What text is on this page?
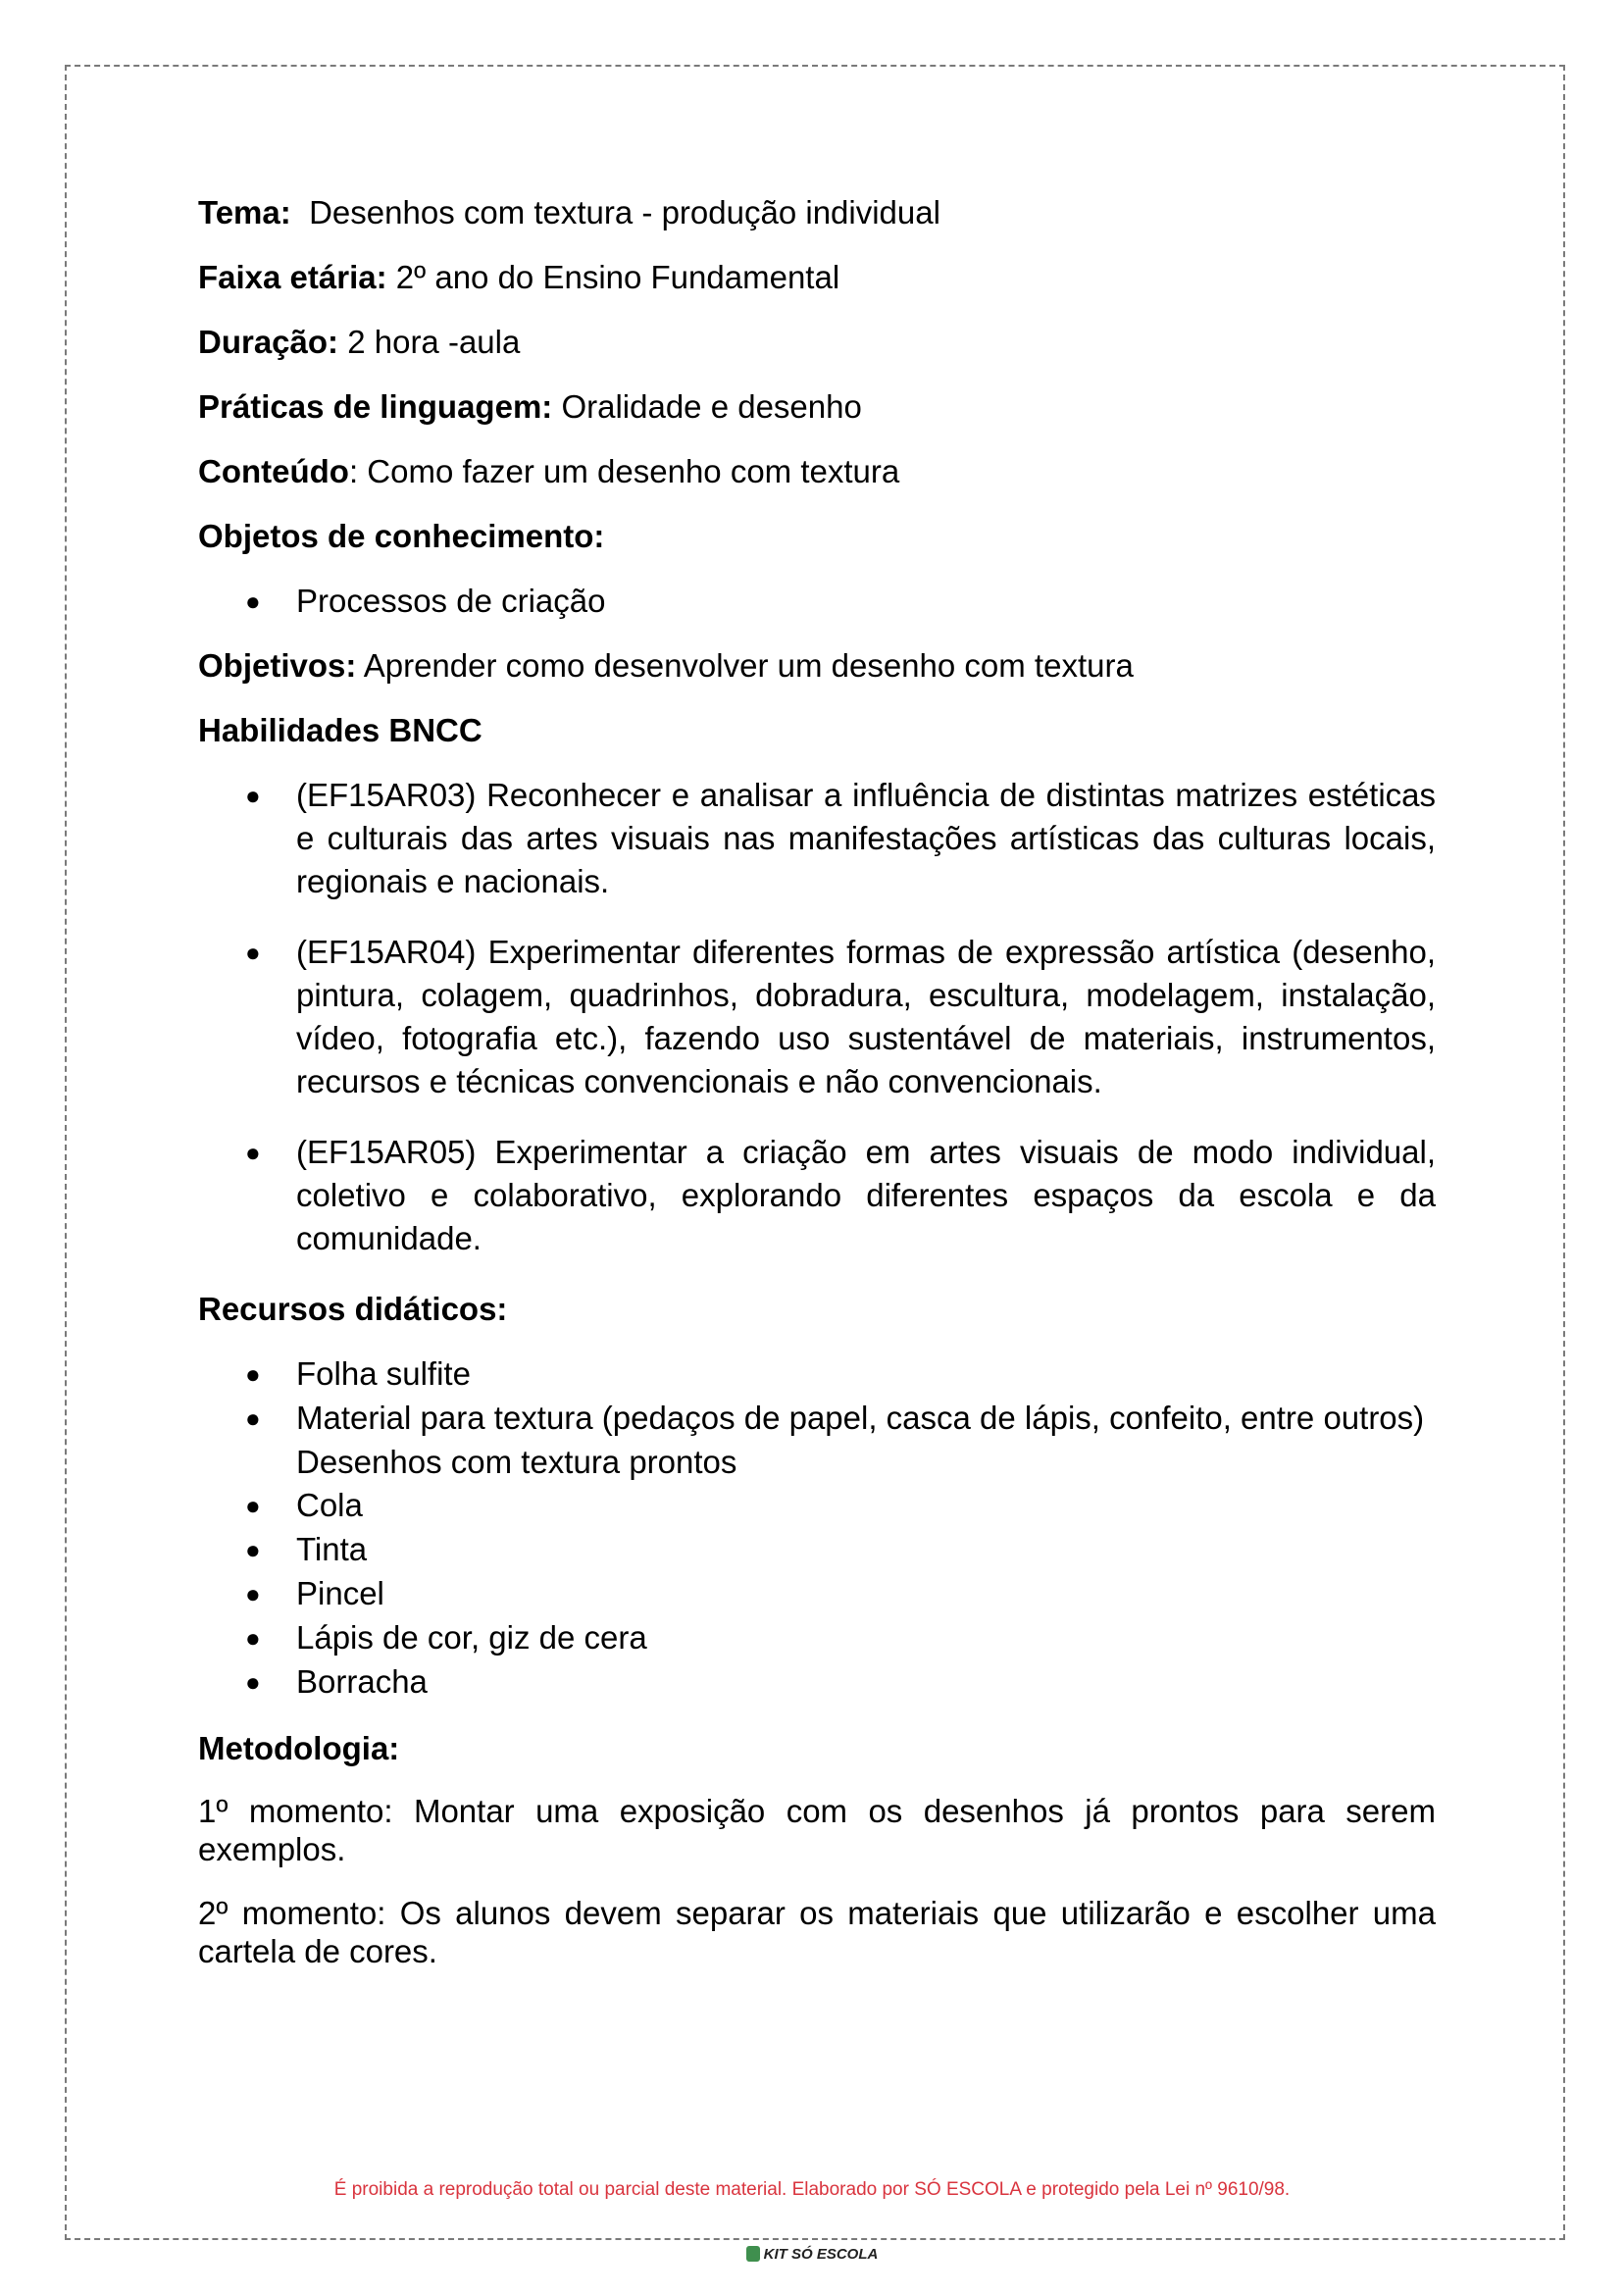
Tema: Desenhos com textura - produção individual

Faixa etária: 2º ano do Ensino Fundamental

Duração: 2 hora -aula

Práticas de linguagem: Oralidade e desenho

Conteúdo: Como fazer um desenho com textura

Objetos de conhecimento:

● Processos de criação

Objetivos: Aprender como desenvolver um desenho com textura

Habilidades BNCC

● (EF15AR03) Reconhecer e analisar a influência de distintas matrizes estéticas e culturais das artes visuais nas manifestações artísticas das culturas locais, regionais e nacionais.
● (EF15AR04) Experimentar diferentes formas de expressão artística (desenho, pintura, colagem, quadrinhos, dobradura, escultura, modelagem, instalação, vídeo, fotografia etc.), fazendo uso sustentável de materiais, instrumentos, recursos e técnicas convencionais e não convencionais.
● (EF15AR05) Experimentar a criação em artes visuais de modo individual, coletivo e colaborativo, explorando diferentes espaços da escola e da comunidade.

Recursos didáticos:

● Folha sulfite
● Material para textura (pedaços de papel, casca de lápis, confeito, entre outros)
Desenhos com textura prontos
● Cola
● Tinta
● Pincel
● Lápis de cor, giz de cera
● Borracha

Metodologia:

1º momento: Montar uma exposição com os desenhos já prontos para serem exemplos.

2º momento: Os alunos devem separar os materiais que utilizarão e escolher uma cartela de cores.

É proibida a reprodução total ou parcial deste material. Elaborado por SÓ ESCOLA e protegido pela Lei nº 9610/98.
KIT SÓ ESCOLA
